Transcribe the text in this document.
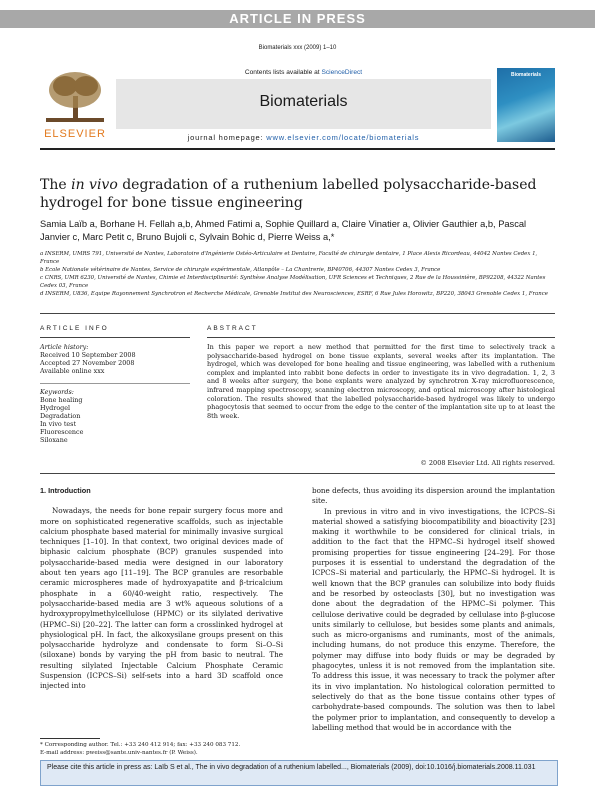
ARTICLE IN PRESS
Biomaterials xxx (2009) 1–10
ELSEVIER
Contents lists available at ScienceDirect
Biomaterials
journal homepage: www.elsevier.com/locate/biomaterials
Biomaterials
The in vivo degradation of a ruthenium labelled polysaccharide-based hydrogel for bone tissue engineering
Samia Laïb a, Borhane H. Fellah a,b, Ahmed Fatimi a, Sophie Quillard a, Claire Vinatier a, Olivier Gauthier a,b, Pascal Janvier c, Marc Petit c, Bruno Bujoli c, Sylvain Bohic d, Pierre Weiss a,*
a INSERM, UMRS 791, Université de Nantes, Laboratoire d'Ingénierie Ostéo-Articulaire et Dentaire, Faculté de chirurgie dentaire, 1 Place Alexis Ricordeau, 44042 Nantes Cedex 1, France
b Ecole Nationale vétérinaire de Nantes, Service de chirurgie expérimentale, Atlanpôle – La Chantrerie, BP40706, 44307 Nantes Cedex 3, France
c CNRS, UMR 6230, Université de Nantes, Chimie et Interdisciplinarité: Synthèse Analyse Modélisation, UFR Sciences et Techniques, 2 Rue de la Houssinière, BP92208, 44322 Nantes Cedex 03, France
d INSERM, U836, Equipe Rayonnement Synchrotron et Recherche Médicale, Grenoble Institut des Neurosciences, ESRF, 6 Rue Jules Horowitz, BP220, 38043 Grenoble Cedex 1, France
ARTICLE INFO	ABSTRACT
Article history:
Received 10 September 2008
Accepted 27 November 2008
Available online xxx
Keywords:
Bone healing
Hydrogel
Degradation
In vivo test
Fluorescence
Siloxane
In this paper we report a new method that permitted for the first time to selectively track a polysaccharide-based hydrogel on bone tissue explants, several weeks after its implantation. The hydrogel, which was developed for bone healing and tissue engineering, was labelled with a ruthenium complex and implanted into rabbit bone defects in order to investigate its in vivo degradation. 1, 2, 3 and 8 weeks after surgery, the bone explants were analyzed by synchrotron X-ray microfluorescence, infrared mapping spectroscopy, scanning electron microscopy, and optical microscopy after histological coloration. The results showed that the labelled polysaccharide-based hydrogel was likely to undergo phagocytosis that seemed to occur from the edge to the center of the implantation site up to at least the 8th week.
© 2008 Elsevier Ltd. All rights reserved.
1. Introduction

Nowadays, the needs for bone repair surgery focus more and more on sophisticated regenerative scaffolds, such as injectable calcium phosphate based material for minimally invasive surgical techniques [1–10]. In that context, two original devices made of biphasic calcium phosphate (BCP) granules suspended into polysaccharide-based media were designed in our laboratory about ten years ago [11–19]. The BCP granules are resorbable ceramic microspheres made of hydroxyapatite and β-tricalcium phosphate in a 60/40-weight ratio, respectively. The polysaccharide-based media are 3 wt% aqueous solutions of a hydroxypropylmethylcellulose (HPMC) or its silylated derivative (HPMC–Si) [20–22]. The latter can form a crosslinked hydrogel at physiological pH. In fact, the alkoxysilane groups present on this polysaccharide hydrolyze and condensate to form Si–O–Si (siloxane) bonds by varying the pH from basic to neutral. The resulting silylated Injectable Calcium Phosphate Ceramic Suspension (ICPCS–Si) self-sets into a hard 3D scaffold once injected into

bone defects, thus avoiding its dispersion around the implantation site.

In previous in vitro and in vivo investigations, the ICPCS–Si material showed a satisfying biocompatibility and bioactivity [23] making it worthwhile to be considered for clinical trials, in addition to the fact that the HPMC–Si hydrogel itself showed promising properties for tissue engineering [24–29]. For those purposes it is essential to understand the degradation of the ICPCS–Si material and particularly, the HPMC–Si hydrogel. It is well known that the BCP granules can solubilize into body fluids and be resorbed by osteoclasts [30], but no investigation was done about the degradation of the HPMC–Si polymer. This cellulose derivative could be degraded by cellulase into β-glucose units similarly to cellulose, but besides some plants and animals, such as micro-organisms and ruminants, most of the animals, including humans, do not produce this enzyme. Therefore, the polymer may diffuse into body fluids or may be degraded by phagocytes, unless it is not removed from the implantation site. To address this issue, it was necessary to track the polymer after its in vivo implantation. No histological coloration permitted to selectively do that as the bone tissue contains other types of carbohydrate-based compounds. The solution was then to label the polymer prior to implantation, and consequently to develop a labelling method that would be in accordance with the

* Corresponding author. Tel.: +33 240 412 914; fax: +33 240 083 712.
E-mail address: pweiss@sante.univ-nantes.fr (P. Weiss).
Please cite this article in press as: Laïb S et al., The in vivo degradation of a ruthenium labelled..., Biomaterials (2009), doi:10.1016/j.biomaterials.2008.11.031
